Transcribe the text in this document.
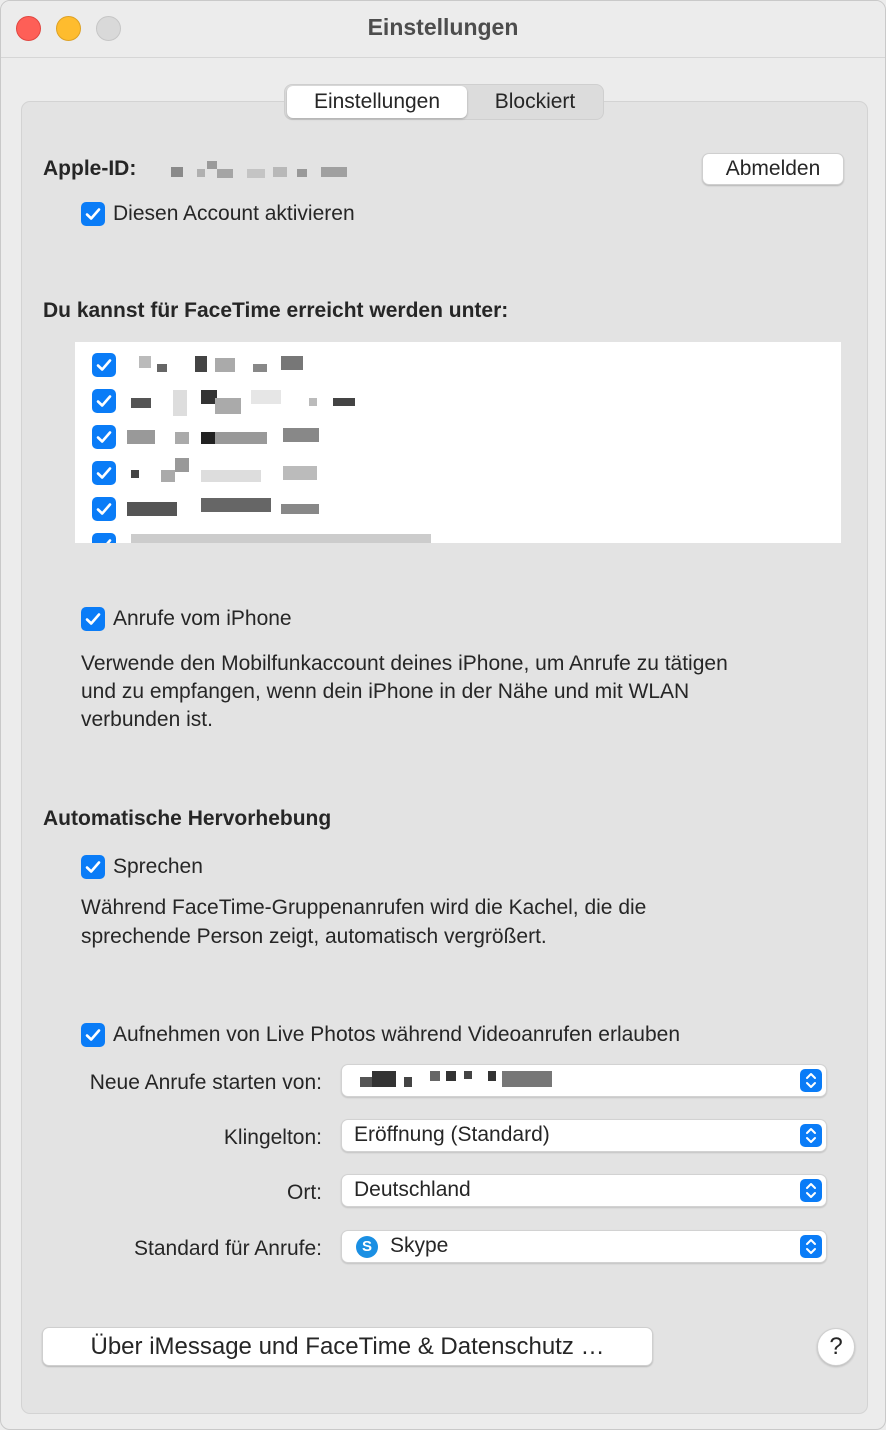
Einstellungen
Einstellungen	Blockiert
Apple-ID:	Abmelden
Diesen Account aktivieren
Du kannst für FaceTime erreicht werden unter:
Anrufe vom iPhone
Verwende den Mobilfunkaccount deines iPhone, um Anrufe zu tätigen
und zu empfangen, wenn dein iPhone in der Nähe und mit WLAN
verbunden ist.
Automatische Hervorhebung
Sprechen
Während FaceTime-Gruppenanrufen wird die Kachel, die die
sprechende Person zeigt, automatisch vergrößert.
Aufnehmen von Live Photos während Videoanrufen erlauben
Neue Anrufe starten von:
Klingelton: Eröffnung (Standard)
Ort: Deutschland
Standard für Anrufe:	S Skype
Über iMessage und FaceTime & Datenschutz …	?
